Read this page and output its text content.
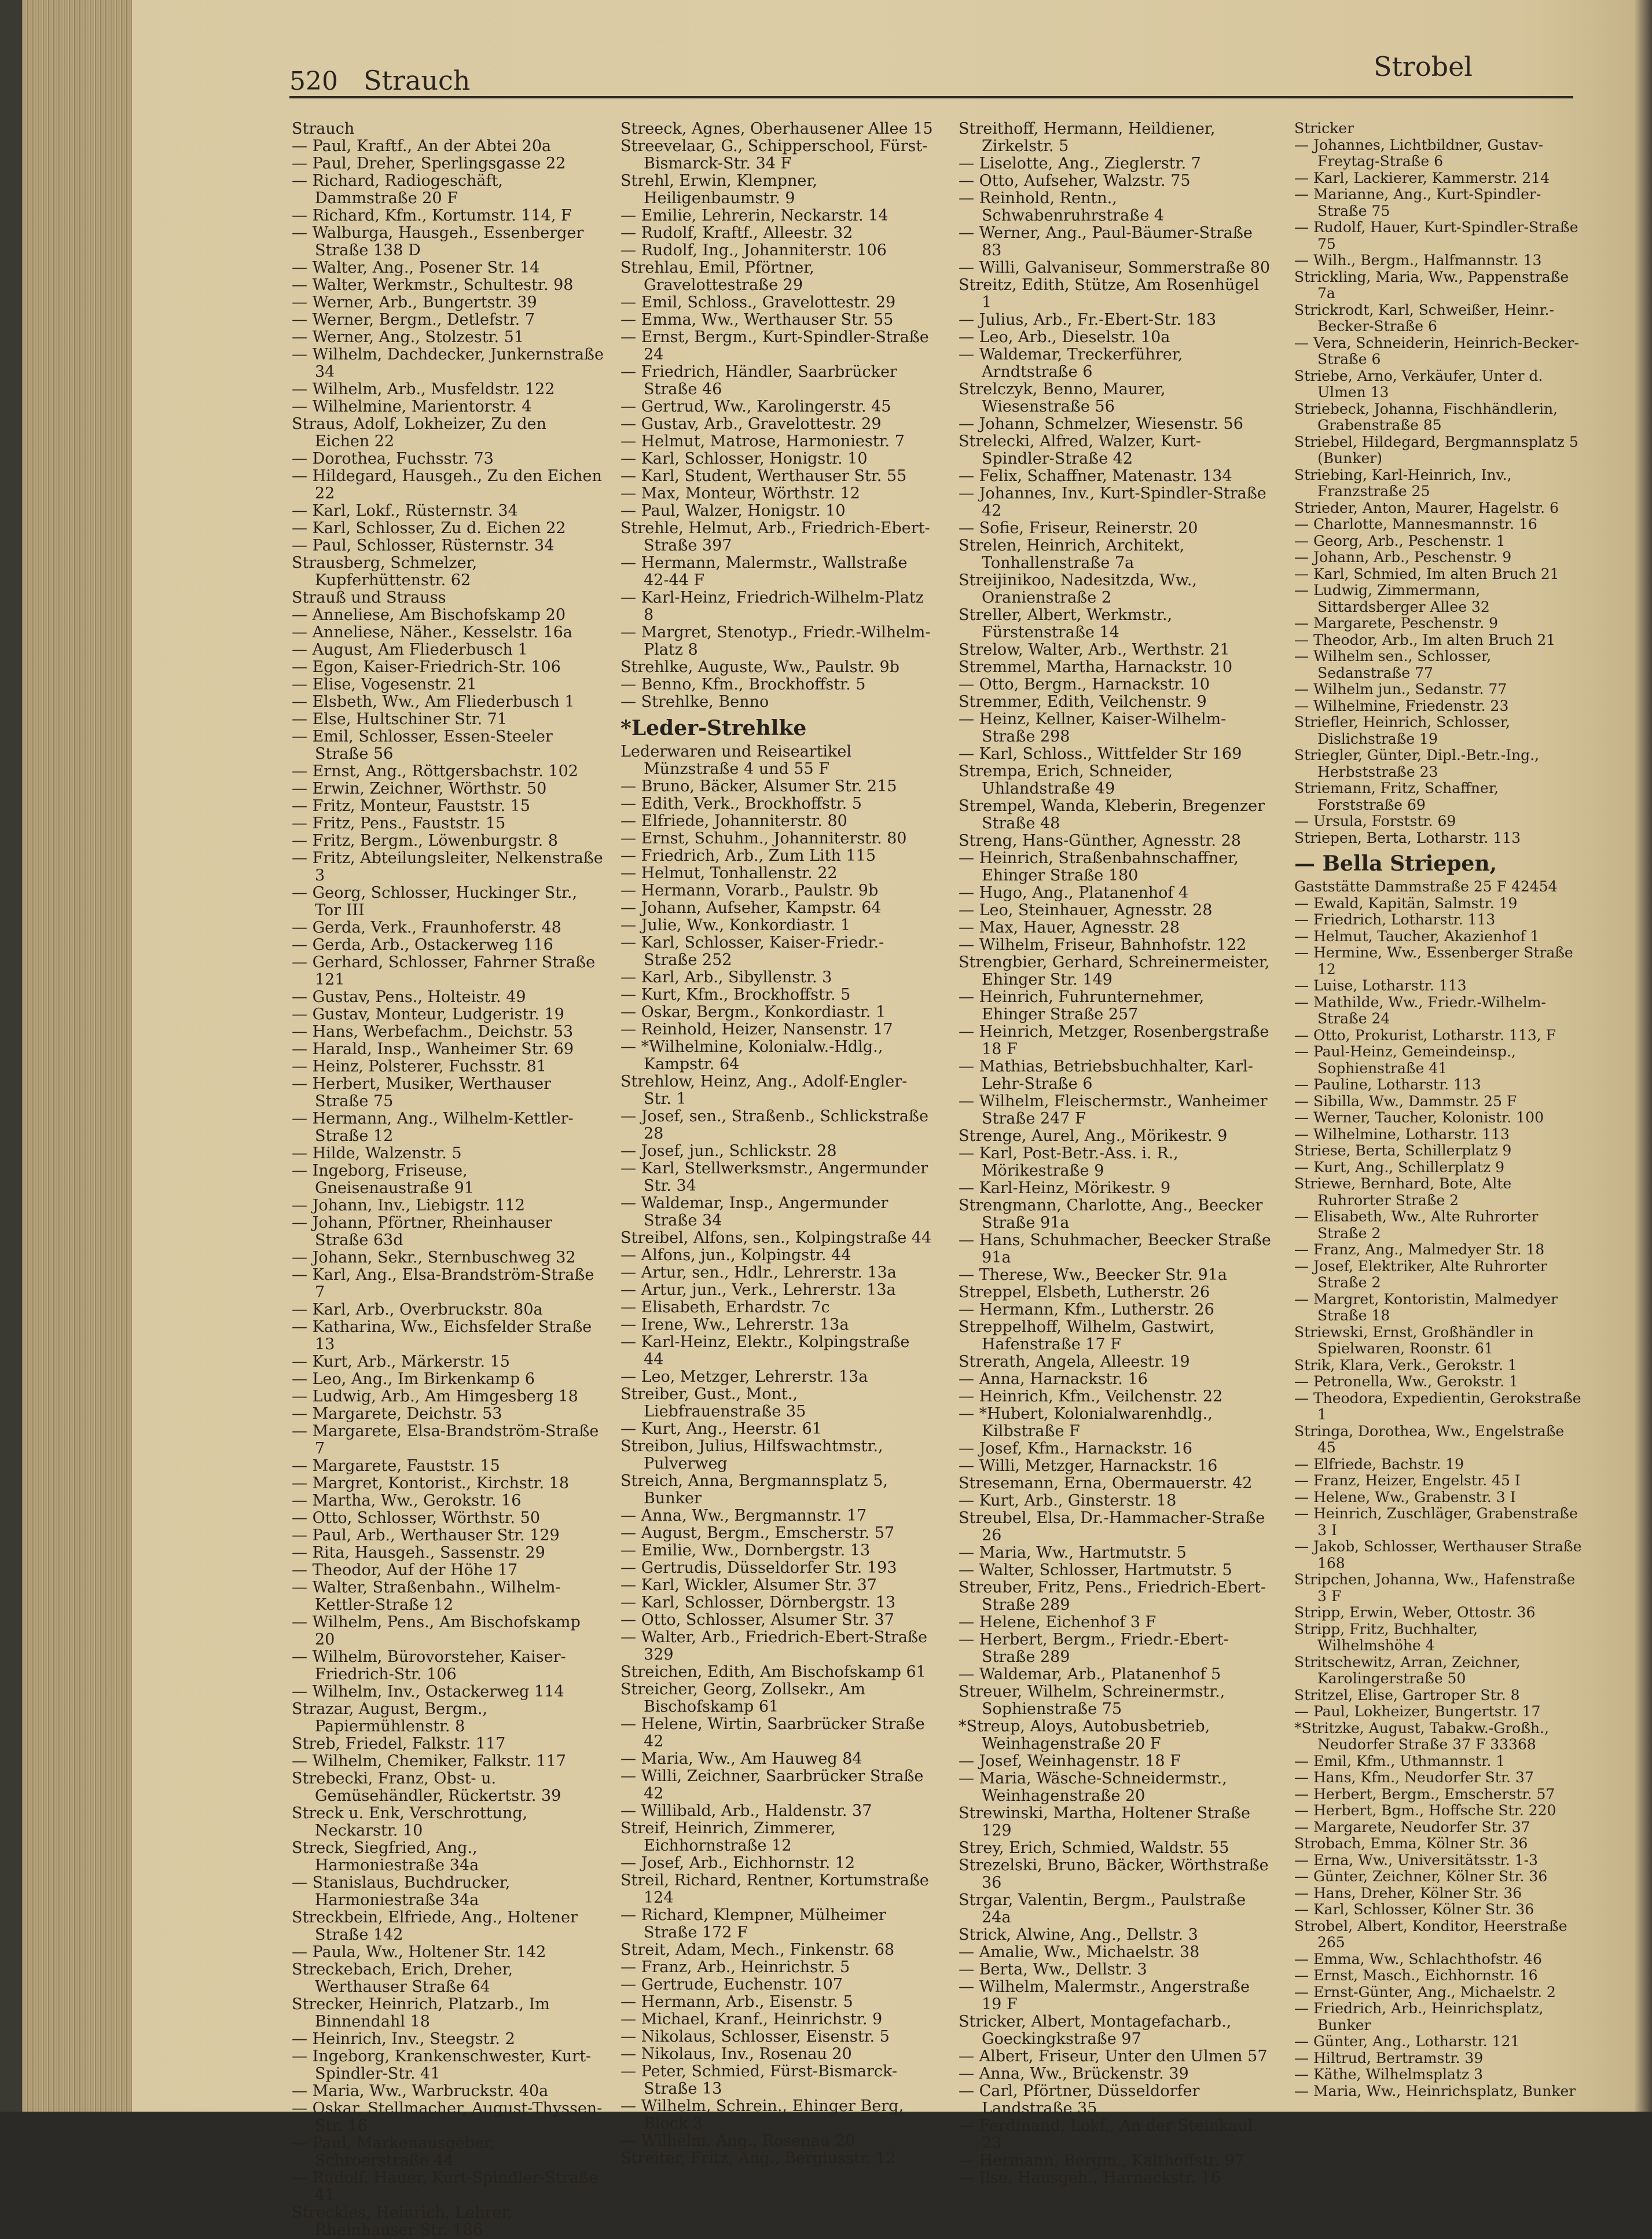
520 Strauch	Strobel

Strauch

— Paul, Kraftf., An der Abtei 20a

— Paul, Dreher, Sperlingsgasse 22

— Richard, Radiogeschäft, Dammstraße 20 F

— Richard, Kfm., Kortumstr. 114, F

— Walburga, Hausgeh., Essenberger Straße 138 D

— Walter, Ang., Posener Str. 14

— Walter, Werkmstr., Schultestr. 98

— Werner, Arb., Bungertstr. 39

— Werner, Bergm., Detlefstr. 7

— Werner, Ang., Stolzestr. 51

— Wilhelm, Dachdecker, Junkernstraße 34

— Wilhelm, Arb., Musfeldstr. 122

— Wilhelmine, Marientorstr. 4

Straus, Adolf, Lokheizer, Zu den Eichen 22

— Dorothea, Fuchsstr. 73

— Hildegard, Hausgeh., Zu den Eichen 22

— Karl, Lokf., Rüsternstr. 34

— Karl, Schlosser, Zu d. Eichen 22

— Paul, Schlosser, Rüsternstr. 34

Strausberg, Schmelzer, Kupferhüttenstr. 62

Strauß und Strauss

— Anneliese, Am Bischofskamp 20

— Anneliese, Näher., Kesselstr. 16a

— August, Am Fliederbusch 1

— Egon, Kaiser-Friedrich-Str. 106

— Elise, Vogesenstr. 21

— Elsbeth, Ww., Am Fliederbusch 1

— Else, Hultschiner Str. 71

— Emil, Schlosser, Essen-Steeler Straße 56

— Ernst, Ang., Röttgersbachstr. 102

— Erwin, Zeichner, Wörthstr. 50

— Fritz, Monteur, Fauststr. 15

— Fritz, Pens., Fauststr. 15

— Fritz, Bergm., Löwenburgstr. 8

— Fritz, Abteilungsleiter, Nelkenstraße 3

— Georg, Schlosser, Huckinger Str., Tor III

— Gerda, Verk., Fraunhoferstr. 48

— Gerda, Arb., Ostackerweg 116

— Gerhard, Schlosser, Fahrner Straße 121

— Gustav, Pens., Holteistr. 49

— Gustav, Monteur, Ludgeristr. 19

— Hans, Werbefachm., Deichstr. 53

— Harald, Insp., Wanheimer Str. 69

— Heinz, Polsterer, Fuchsstr. 81

— Herbert, Musiker, Werthauser Straße 75

— Hermann, Ang., Wilhelm-Kettler-Straße 12

— Hilde, Walzenstr. 5

— Ingeborg, Friseuse, Gneisenaustraße 91

— Johann, Inv., Liebigstr. 112

— Johann, Pförtner, Rheinhauser Straße 63d

— Johann, Sekr., Sternbuschweg 32

— Karl, Ang., Elsa-Brandström-Straße 7

— Karl, Arb., Overbruckstr. 80a

— Katharina, Ww., Eichsfelder Straße 13

— Kurt, Arb., Märkerstr. 15

— Leo, Ang., Im Birkenkamp 6

— Ludwig, Arb., Am Himgesberg 18

— Margarete, Deichstr. 53

— Margarete, Elsa-Brandström-Straße 7

— Margarete, Fauststr. 15

— Margret, Kontorist., Kirchstr. 18

— Martha, Ww., Gerokstr. 16

— Otto, Schlosser, Wörthstr. 50

— Paul, Arb., Werthauser Str. 129

— Rita, Hausgeh., Sassenstr. 29

— Theodor, Auf der Höhe 17

— Walter, Straßenbahn., Wilhelm-Kettler-Straße 12

— Wilhelm, Pens., Am Bischofskamp 20

— Wilhelm, Bürovorsteher, Kaiser-Friedrich-Str. 106

— Wilhelm, Inv., Ostackerweg 114

Strazar, August, Bergm., Papiermühlenstr. 8

Streb, Friedel, Falkstr. 117

— Wilhelm, Chemiker, Falkstr. 117

Strebecki, Franz, Obst- u. Gemüsehändler, Rückertstr. 39

Streck u. Enk, Verschrottung, Neckarstr. 10

Streck, Siegfried, Ang., Harmoniestraße 34a

— Stanislaus, Buchdrucker, Harmoniestraße 34a

Streckbein, Elfriede, Ang., Holtener Straße 142

— Paula, Ww., Holtener Str. 142

Streckebach, Erich, Dreher, Werthauser Straße 64

Strecker, Heinrich, Platzarb., Im Binnendahl 18

— Heinrich, Inv., Steegstr. 2

— Ingeborg, Krankenschwester, Kurt-Spindler-Str. 41

— Maria, Ww., Warbruckstr. 40a

— Oskar, Stellmacher, August-Thyssen-Str. 16

— Paul, Markenausgeber, Schroerstraße 44

— Rudolf, Hauer, Kurt-Spindler-Straße 41

Streckies, Heinrich, Lehrer, Rheinhauser Str. 186

Streeck, Agnes, Oberhausener Allee 15

Streevelaar, G., Schipperschool, Fürst-Bismarck-Str. 34 F

Strehl, Erwin, Klempner, Heiligenbaumstr. 9

— Emilie, Lehrerin, Neckarstr. 14

— Rudolf, Kraftf., Alleestr. 32

— Rudolf, Ing., Johanniterstr. 106

Strehlau, Emil, Pförtner, Gravelottestraße 29

— Emil, Schloss., Gravelottestr. 29

— Emma, Ww., Werthauser Str. 55

— Ernst, Bergm., Kurt-Spindler-Straße 24

— Friedrich, Händler, Saarbrücker Straße 46

— Gertrud, Ww., Karolingerstr. 45

— Gustav, Arb., Gravelottestr. 29

— Helmut, Matrose, Harmoniestr. 7

— Karl, Schlosser, Honigstr. 10

— Karl, Student, Werthauser Str. 55

— Max, Monteur, Wörthstr. 12

— Paul, Walzer, Honigstr. 10

Strehle, Helmut, Arb., Friedrich-Ebert-Straße 397

— Hermann, Malermstr., Wallstraße 42-44 F

— Karl-Heinz, Friedrich-Wilhelm-Platz 8

— Margret, Stenotyp., Friedr.-Wilhelm-Platz 8

Strehlke, Auguste, Ww., Paulstr. 9b

— Benno, Kfm., Brockhoffstr. 5

— Strehlke, Benno

*Leder-Strehlke

Lederwaren und Reiseartikel Münzstraße 4 und 55 F

— Bruno, Bäcker, Alsumer Str. 215

— Edith, Verk., Brockhoffstr. 5

— Elfriede, Johanniterstr. 80

— Ernst, Schuhm., Johanniterstr. 80

— Friedrich, Arb., Zum Lith 115

— Helmut, Tonhallenstr. 22

— Hermann, Vorarb., Paulstr. 9b

— Johann, Aufseher, Kampstr. 64

— Julie, Ww., Konkordiastr. 1

— Karl, Schlosser, Kaiser-Friedr.-Straße 252

— Karl, Arb., Sibyllenstr. 3

— Kurt, Kfm., Brockhoffstr. 5

— Oskar, Bergm., Konkordiastr. 1

— Reinhold, Heizer, Nansenstr. 17

— *Wilhelmine, Kolonialw.-Hdlg., Kampstr. 64

Strehlow, Heinz, Ang., Adolf-Engler-Str. 1

— Josef, sen., Straßenb., Schlickstraße 28

— Josef, jun., Schlickstr. 28

— Karl, Stellwerksmstr., Angermunder Str. 34

— Waldemar, Insp., Angermunder Straße 34

Streibel, Alfons, sen., Kolpingstraße 44

— Alfons, jun., Kolpingstr. 44

— Artur, sen., Hdlr., Lehrerstr. 13a

— Artur, jun., Verk., Lehrerstr. 13a

— Elisabeth, Erhardstr. 7c

— Irene, Ww., Lehrerstr. 13a

— Karl-Heinz, Elektr., Kolpingstraße 44

— Leo, Metzger, Lehrerstr. 13a

Streiber, Gust., Mont., Liebfrauenstraße 35

— Kurt, Ang., Heerstr. 61

Streibon, Julius, Hilfswachtmstr., Pulverweg

Streich, Anna, Bergmannsplatz 5, Bunker

— Anna, Ww., Bergmannstr. 17

— August, Bergm., Emscherstr. 57

— Emilie, Ww., Dornbergstr. 13

— Gertrudis, Düsseldorfer Str. 193

— Karl, Wickler, Alsumer Str. 37

— Karl, Schlosser, Dörnbergstr. 13

— Otto, Schlosser, Alsumer Str. 37

— Walter, Arb., Friedrich-Ebert-Straße 329

Streichen, Edith, Am Bischofskamp 61

Streicher, Georg, Zollsekr., Am Bischofskamp 61

— Helene, Wirtin, Saarbrücker Straße 42

— Maria, Ww., Am Hauweg 84

— Willi, Zeichner, Saarbrücker Straße 42

— Willibald, Arb., Haldenstr. 37

Streif, Heinrich, Zimmerer, Eichhornstraße 12

— Josef, Arb., Eichhornstr. 12

Streil, Richard, Rentner, Kortumstraße 124

— Richard, Klempner, Mülheimer Straße 172 F

Streit, Adam, Mech., Finkenstr. 68

— Franz, Arb., Heinrichstr. 5

— Gertrude, Euchenstr. 107

— Hermann, Arb., Eisenstr. 5

— Michael, Kranf., Heinrichstr. 9

— Nikolaus, Schlosser, Eisenstr. 5

— Nikolaus, Inv., Rosenau 20

— Peter, Schmied, Fürst-Bismarck-Straße 13

— Wilhelm, Schrein., Ehinger Berg, Block 3

— Wilhelm, Ang., Rosenau 20

Streiter, Fritz, Ang., Bergiusstr. 12

Streithoff, Hermann, Heildiener, Zirkelstr. 5

— Liselotte, Ang., Zieglerstr. 7

— Otto, Aufseher, Walzstr. 75

— Reinhold, Rentn., Schwabenruhrstraße 4

— Werner, Ang., Paul-Bäumer-Straße 83

— Willi, Galvaniseur, Sommerstraße 80

Streitz, Edith, Stütze, Am Rosenhügel 1

— Julius, Arb., Fr.-Ebert-Str. 183

— Leo, Arb., Dieselstr. 10a

— Waldemar, Treckerführer, Arndtstraße 6

Strelczyk, Benno, Maurer, Wiesenstraße 56

— Johann, Schmelzer, Wiesenstr. 56

Strelecki, Alfred, Walzer, Kurt-Spindler-Straße 42

— Felix, Schaffner, Matenastr. 134

— Johannes, Inv., Kurt-Spindler-Straße 42

— Sofie, Friseur, Reinerstr. 20

Strelen, Heinrich, Architekt, Tonhallenstraße 7a

Streijinikoo, Nadesitzda, Ww., Oranienstraße 2

Streller, Albert, Werkmstr., Fürstenstraße 14

Strelow, Walter, Arb., Werthstr. 21

Stremmel, Martha, Harnackstr. 10

— Otto, Bergm., Harnackstr. 10

Stremmer, Edith, Veilchenstr. 9

— Heinz, Kellner, Kaiser-Wilhelm-Straße 298

— Karl, Schloss., Wittfelder Str 169

Strempa, Erich, Schneider, Uhlandstraße 49

Strempel, Wanda, Kleberin, Bregenzer Straße 48

Streng, Hans-Günther, Agnesstr. 28

— Heinrich, Straßenbahnschaffner, Ehinger Straße 180

— Hugo, Ang., Platanenhof 4

— Leo, Steinhauer, Agnesstr. 28

— Max, Hauer, Agnesstr. 28

— Wilhelm, Friseur, Bahnhofstr. 122

Strengbier, Gerhard, Schreinermeister, Ehinger Str. 149

— Heinrich, Fuhrunternehmer, Ehinger Straße 257

— Heinrich, Metzger, Rosenbergstraße 18 F

— Mathias, Betriebsbuchhalter, Karl-Lehr-Straße 6

— Wilhelm, Fleischermstr., Wanheimer Straße 247 F

Strenge, Aurel, Ang., Mörikestr. 9

— Karl, Post-Betr.-Ass. i. R., Mörikestraße 9

— Karl-Heinz, Mörikestr. 9

Strengmann, Charlotte, Ang., Beecker Straße 91a

— Hans, Schuhmacher, Beecker Straße 91a

— Therese, Ww., Beecker Str. 91a

Streppel, Elsbeth, Lutherstr. 26

— Hermann, Kfm., Lutherstr. 26

Streppelhoff, Wilhelm, Gastwirt, Hafenstraße 17 F

Strerath, Angela, Alleestr. 19

— Anna, Harnackstr. 16

— Heinrich, Kfm., Veilchenstr. 22

— *Hubert, Kolonialwarenhdlg., Kilbstraße F

— Josef, Kfm., Harnackstr. 16

— Willi, Metzger, Harnackstr. 16

Stresemann, Erna, Obermauerstr. 42

— Kurt, Arb., Ginsterstr. 18

Streubel, Elsa, Dr.-Hammacher-Straße 26

— Maria, Ww., Hartmutstr. 5

— Walter, Schlosser, Hartmutstr. 5

Streuber, Fritz, Pens., Friedrich-Ebert-Straße 289

— Helene, Eichenhof 3 F

— Herbert, Bergm., Friedr.-Ebert-Straße 289

— Waldemar, Arb., Platanenhof 5

Streuer, Wilhelm, Schreinermstr., Sophienstraße 75

*Streup, Aloys, Autobusbetrieb, Weinhagenstraße 20 F

— Josef, Weinhagenstr. 18 F

— Maria, Wäsche-Schneidermstr., Weinhagenstraße 20

Strewinski, Martha, Holtener Straße 129

Strey, Erich, Schmied, Waldstr. 55

Strezelski, Bruno, Bäcker, Wörthstraße 36

Strgar, Valentin, Bergm., Paulstraße 24a

Strick, Alwine, Ang., Dellstr. 3

— Amalie, Ww., Michaelstr. 38

— Berta, Ww., Dellstr. 3

— Wilhelm, Malermstr., Angerstraße 19 F

Stricker, Albert, Montagefacharb., Goeckingkstraße 97

— Albert, Friseur, Unter den Ulmen 57

— Anna, Ww., Brückenstr. 39

— Carl, Pförtner, Düsseldorfer Landstraße 35

— Ferdinand, Lokf., An der Steinkaul 23

— Hermann, Bergm., Kalthoffstr. 97

— Ilse, Hausgeh., Harnackstr. 16

Stricker

— Johannes, Lichtbildner, Gustav-Freytag-Straße 6

— Karl, Lackierer, Kammerstr. 214

— Marianne, Ang., Kurt-Spindler-Straße 75

— Rudolf, Hauer, Kurt-Spindler-Straße 75

— Wilh., Bergm., Halfmannstr. 13

Strickling, Maria, Ww., Pappenstraße 7a

Strickrodt, Karl, Schweißer, Heinr.-Becker-Straße 6

— Vera, Schneiderin, Heinrich-Becker-Straße 6

Striebe, Arno, Verkäufer, Unter d. Ulmen 13

Striebeck, Johanna, Fischhändlerin, Grabenstraße 85

Striebel, Hildegard, Bergmannsplatz 5 (Bunker)

Striebing, Karl-Heinrich, Inv., Franzstraße 25

Strieder, Anton, Maurer, Hagelstr. 6

— Charlotte, Mannesmannstr. 16

— Georg, Arb., Peschenstr. 1

— Johann, Arb., Peschenstr. 9

— Karl, Schmied, Im alten Bruch 21

— Ludwig, Zimmermann, Sittardsberger Allee 32

— Margarete, Peschenstr. 9

— Theodor, Arb., Im alten Bruch 21

— Wilhelm sen., Schlosser, Sedanstraße 77

— Wilhelm jun., Sedanstr. 77

— Wilhelmine, Friedenstr. 23

Striefler, Heinrich, Schlosser, Dislichstraße 19

Striegler, Günter, Dipl.-Betr.-Ing., Herbststraße 23

Striemann, Fritz, Schaffner, Forststraße 69

— Ursula, Forststr. 69

Striepen, Berta, Lotharstr. 113

— Bella Striepen,

Gaststätte Dammstraße 25 F 42454

— Ewald, Kapitän, Salmstr. 19

— Friedrich, Lotharstr. 113

— Helmut, Taucher, Akazienhof 1

— Hermine, Ww., Essenberger Straße 12

— Luise, Lotharstr. 113

— Mathilde, Ww., Friedr.-Wilhelm-Straße 24

— Otto, Prokurist, Lotharstr. 113, F

— Paul-Heinz, Gemeindeinsp., Sophienstraße 41

— Pauline, Lotharstr. 113

— Sibilla, Ww., Dammstr. 25 F

— Werner, Taucher, Kolonistr. 100

— Wilhelmine, Lotharstr. 113

Striese, Berta, Schillerplatz 9

— Kurt, Ang., Schillerplatz 9

Striewe, Bernhard, Bote, Alte Ruhrorter Straße 2

— Elisabeth, Ww., Alte Ruhrorter Straße 2

— Franz, Ang., Malmedyer Str. 18

— Josef, Elektriker, Alte Ruhrorter Straße 2

— Margret, Kontoristin, Malmedyer Straße 18

Striewski, Ernst, Großhändler in Spielwaren, Roonstr. 61

Strik, Klara, Verk., Gerokstr. 1

— Petronella, Ww., Gerokstr. 1

— Theodora, Expedientin, Gerokstraße 1

Stringa, Dorothea, Ww., Engelstraße 45

— Elfriede, Bachstr. 19

— Franz, Heizer, Engelstr. 45 I

— Helene, Ww., Grabenstr. 3 I

— Heinrich, Zuschläger, Grabenstraße 3 I

— Jakob, Schlosser, Werthauser Straße 168

Stripchen, Johanna, Ww., Hafenstraße 3 F

Stripp, Erwin, Weber, Ottostr. 36

Stripp, Fritz, Buchhalter, Wilhelmshöhe 4

Stritschewitz, Arran, Zeichner, Karolingerstraße 50

Stritzel, Elise, Gartroper Str. 8

— Paul, Lokheizer, Bungertstr. 17

*Stritzke, August, Tabakw.-Großh., Neudorfer Straße 37 F 33368

— Emil, Kfm., Uthmannstr. 1

— Hans, Kfm., Neudorfer Str. 37

— Herbert, Bergm., Emscherstr. 57

— Herbert, Bgm., Hoffsche Str. 220

— Margarete, Neudorfer Str. 37

Strobach, Emma, Kölner Str. 36

— Erna, Ww., Universitätsstr. 1-3

— Günter, Zeichner, Kölner Str. 36

— Hans, Dreher, Kölner Str. 36

— Karl, Schlosser, Kölner Str. 36

Strobel, Albert, Konditor, Heerstraße 265

— Emma, Ww., Schlachthofstr. 46

— Ernst, Masch., Eichhornstr. 16

— Ernst-Günter, Ang., Michaelstr. 2

— Friedrich, Arb., Heinrichsplatz, Bunker

— Günter, Ang., Lotharstr. 121

— Hiltrud, Bertramstr. 39

— Käthe, Wilhelmsplatz 3

— Maria, Ww., Heinrichsplatz, Bunker
